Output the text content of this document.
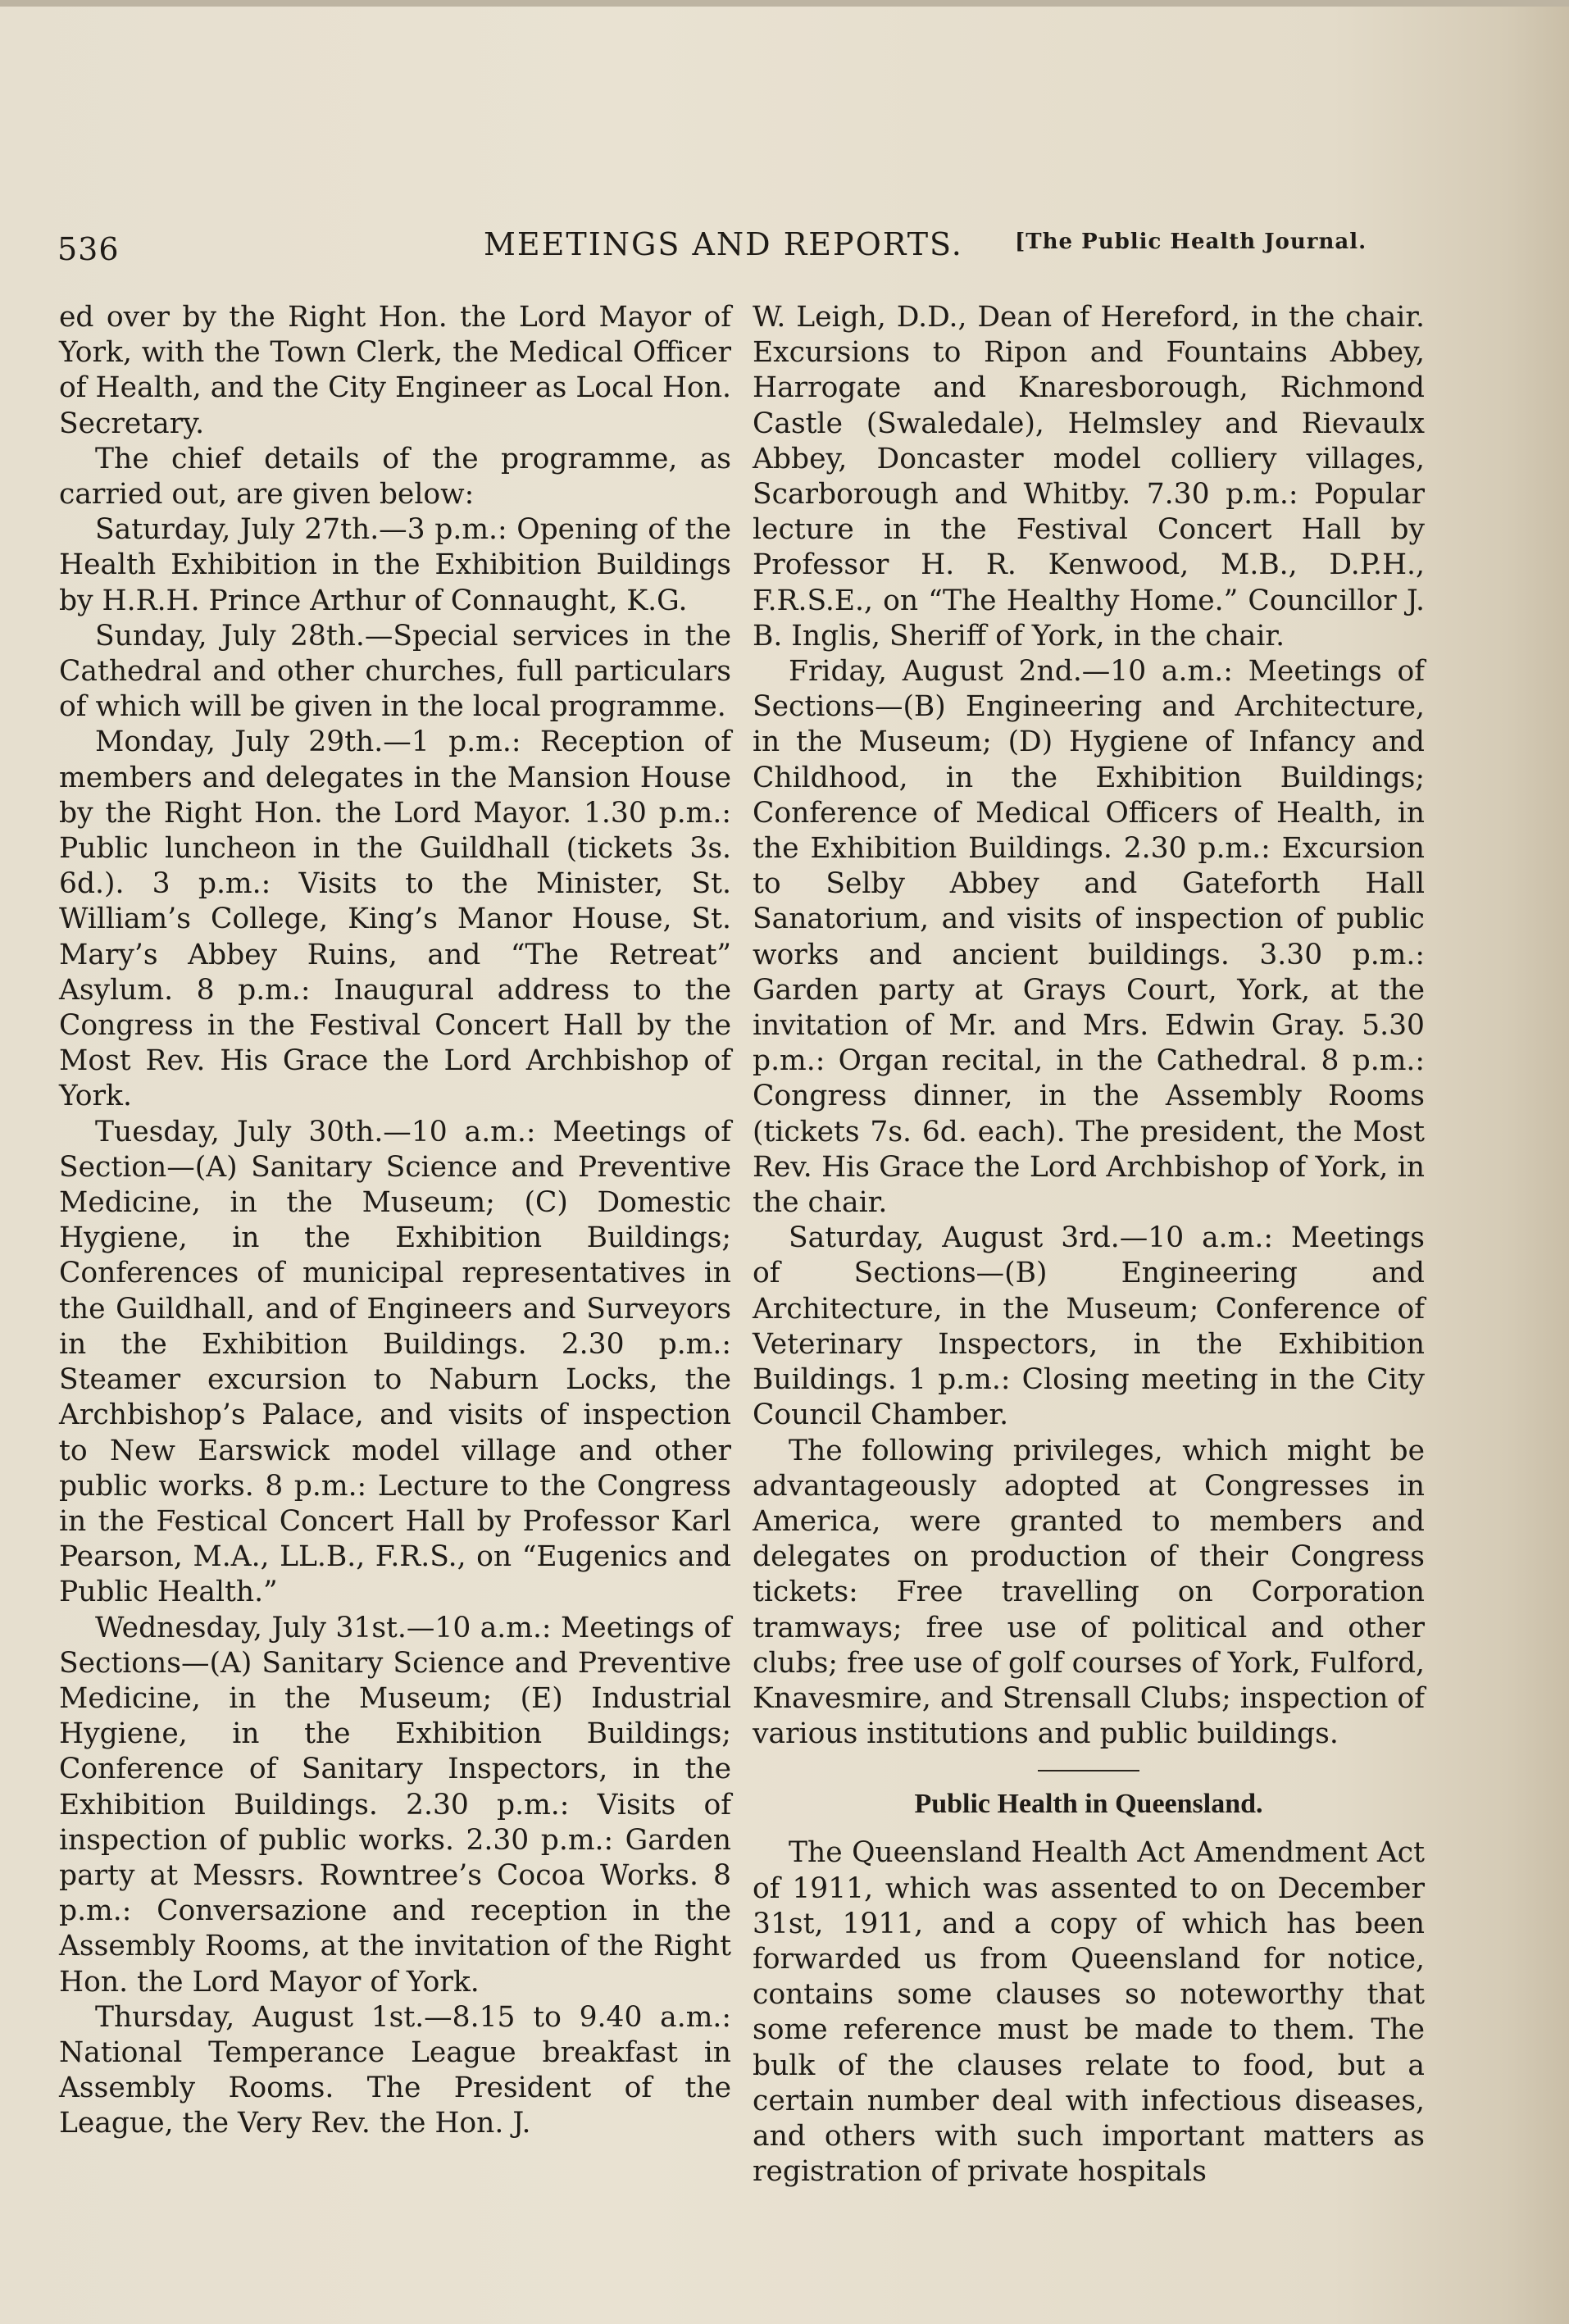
536	MEETINGS AND REPORTS. [The Public Health Journal.

ed over by the Right Hon. the Lord Mayor of York, with the Town Clerk, the Medical Officer of Health, and the City Engineer as Local Hon. Secretary.

The chief details of the programme, as carried out, are given below:

Saturday, July 27th.—3 p.m.: Opening of the Health Exhibition in the Exhibition Buildings by H.R.H. Prince Arthur of Connaught, K.G.

Sunday, July 28th.—Special services in the Cathedral and other churches, full particulars of which will be given in the local programme.

Monday, July 29th.—1 p.m.: Reception of members and delegates in the Mansion House by the Right Hon. the Lord Mayor. 1.30 p.m.: Public luncheon in the Guildhall (tickets 3s. 6d.). 3 p.m.: Visits to the Minister, St. William’s College, King’s Manor House, St. Mary’s Abbey Ruins, and “The Retreat” Asylum. 8 p.m.: Inaugural address to the Congress in the Festival Concert Hall by the Most Rev. His Grace the Lord Archbishop of York.

Tuesday, July 30th.—10 a.m.: Meetings of Section—(A) Sanitary Science and Preventive Medicine, in the Museum; (C) Domestic Hygiene, in the Exhibition Buildings; Conferences of municipal representatives in the Guildhall, and of Engineers and Surveyors in the Exhibition Buildings. 2.30 p.m.: Steamer excursion to Naburn Locks, the Archbishop’s Palace, and visits of inspection to New Earswick model village and other public works. 8 p.m.: Lecture to the Congress in the Festical Concert Hall by Professor Karl Pearson, M.A., LL.B., F.R.S., on “Eugenics and Public Health.”

Wednesday, July 31st.—10 a.m.: Meetings of Sections—(A) Sanitary Science and Preventive Medicine, in the Museum; (E) Industrial Hygiene, in the Exhibition Buildings; Conference of Sanitary Inspectors, in the Exhibition Buildings. 2.30 p.m.: Visits of inspection of public works. 2.30 p.m.: Garden party at Messrs. Rowntree’s Cocoa Works. 8 p.m.: Conversazione and reception in the Assembly Rooms, at the invitation of the Right Hon. the Lord Mayor of York.

Thursday, August 1st.—8.15 to 9.40 a.m.: National Temperance League breakfast in Assembly Rooms. The President of the League, the Very Rev. the Hon. J.

W. Leigh, D.D., Dean of Hereford, in the chair. Excursions to Ripon and Fountains Abbey, Harrogate and Knaresborough, Richmond Castle (Swaledale), Helmsley and Rievaulx Abbey, Doncaster model colliery villages, Scarborough and Whitby. 7.30 p.m.: Popular lecture in the Festival Concert Hall by Professor H. R. Kenwood, M.B., D.P.H., F.R.S.E., on “The Healthy Home.” Councillor J. B. Inglis, Sheriff of York, in the chair.

Friday, August 2nd.—10 a.m.: Meetings of Sections—(B) Engineering and Architecture, in the Museum; (D) Hygiene of Infancy and Childhood, in the Exhibition Buildings; Conference of Medical Officers of Health, in the Exhibition Buildings. 2.30 p.m.: Excursion to Selby Abbey and Gateforth Hall Sanatorium, and visits of inspection of public works and ancient buildings. 3.30 p.m.: Garden party at Grays Court, York, at the invitation of Mr. and Mrs. Edwin Gray. 5.30 p.m.: Organ recital, in the Cathedral. 8 p.m.: Congress dinner, in the Assembly Rooms (tickets 7s. 6d. each). The president, the Most Rev. His Grace the Lord Archbishop of York, in the chair.

Saturday, August 3rd.—10 a.m.: Meetings of Sections—(B) Engineering and Architecture, in the Museum; Conference of Veterinary Inspectors, in the Exhibition Buildings. 1 p.m.: Closing meeting in the City Council Chamber.

The following privileges, which might be advantageously adopted at Congresses in America, were granted to members and delegates on production of their Congress tickets: Free travelling on Corporation tramways; free use of political and other clubs; free use of golf courses of York, Fulford, Knavesmire, and Strensall Clubs; inspection of various institutions and public buildings.

Public Health in Queensland.

The Queensland Health Act Amendment Act of 1911, which was assented to on December 31st, 1911, and a copy of which has been forwarded us from Queensland for notice, contains some clauses so noteworthy that some reference must be made to them. The bulk of the clauses relate to food, but a certain number deal with infectious diseases, and others with such important matters as registration of private hospitals
